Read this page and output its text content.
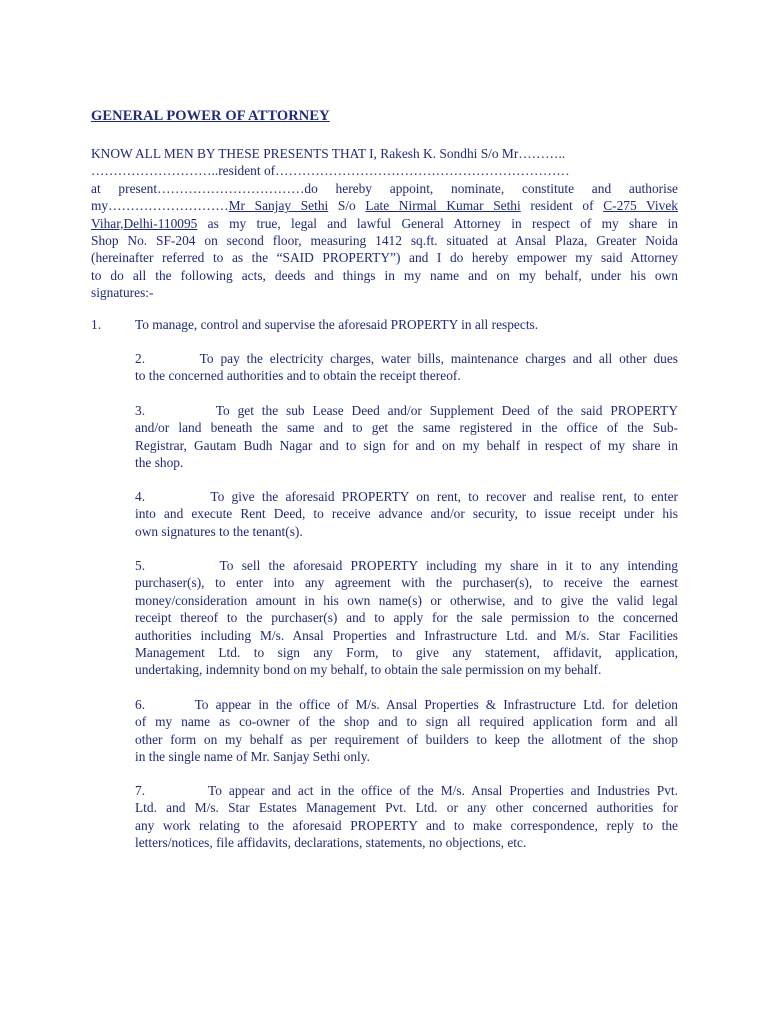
GENERAL POWER OF ATTORNEY
KNOW ALL MEN BY THESE PRESENTS THAT I, Rakesh K. Sondhi S/o Mr………..
………………………..resident of…………………………………………………………
at present……………………………do hereby appoint, nominate, constitute and authorise
my………………………Mr Sanjay Sethi S/o Late Nirmal Kumar Sethi resident of C-275 Vivek
Vihar,Delhi-110095 as my true, legal and lawful General Attorney in respect of my share in
Shop No. SF-204 on second floor, measuring 1412 sq.ft. situated at Ansal Plaza, Greater Noida
(hereinafter referred to as the “SAID PROPERTY”) and I do hereby empower my said Attorney
to do all the following acts, deeds and things in my name and on my behalf, under his own
signatures:-
1.	To manage, control and supervise the aforesaid PROPERTY in all respects.
2.	To pay the electricity charges, water bills, maintenance charges and all other dues
to the concerned authorities and to obtain the receipt thereof.
3.	To get the sub Lease Deed and/or Supplement Deed of the said PROPERTY
and/or land beneath the same and to get the same registered in the office of the Sub-
Registrar, Gautam Budh Nagar and to sign for and on my behalf in respect of my share in
the shop.
4.	To give the aforesaid PROPERTY on rent, to recover and realise rent, to enter
into and execute Rent Deed, to receive advance and/or security, to issue receipt under his
own signatures to the tenant(s).
5.	To sell the aforesaid PROPERTY including my share in it to any intending
purchaser(s), to enter into any agreement with the purchaser(s), to receive the earnest
money/consideration amount in his own name(s) or otherwise, and to give the valid legal
receipt thereof to the purchaser(s) and to apply for the sale permission to the concerned
authorities including M/s. Ansal Properties and Infrastructure Ltd. and M/s. Star Facilities
Management Ltd. to sign any Form, to give any statement, affidavit, application,
undertaking, indemnity bond on my behalf, to obtain the sale permission on my behalf.
6.	To appear in the office of M/s. Ansal Properties & Infrastructure Ltd. for deletion
of my name as co-owner of the shop and to sign all required application form and all
other form on my behalf as per requirement of builders to keep the allotment of the shop
in the single name of Mr. Sanjay Sethi only.
7.	To appear and act in the office of the M/s. Ansal Properties and Industries Pvt.
Ltd. and M/s. Star Estates Management Pvt. Ltd. or any other concerned authorities for
any work relating to the aforesaid PROPERTY and to make correspondence, reply to the
letters/notices, file affidavits, declarations, statements, no objections, etc.
